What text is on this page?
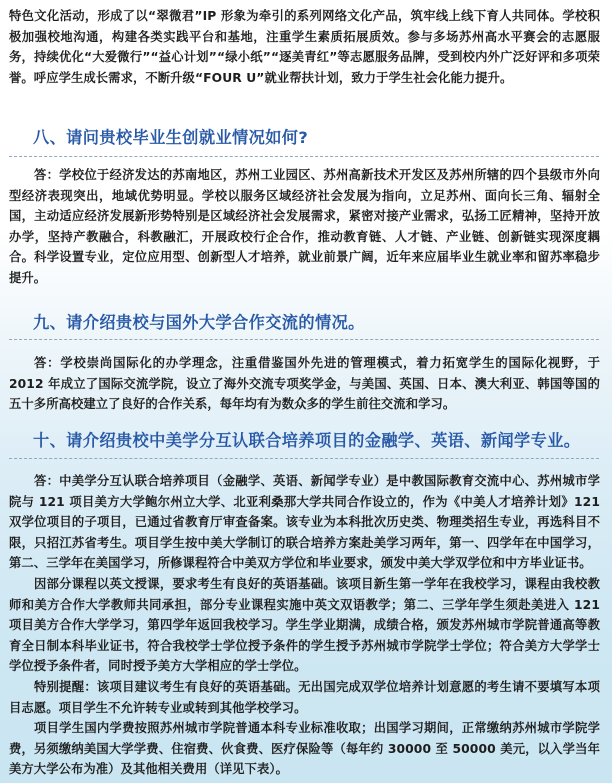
特色文化活动，形成了以“翠微君”IP 形象为牵引的系列网络文化产品，筑牢线上线下育人共同体。学校积极加强校地沟通，构建各类实践平台和基地，注重学生素质拓展质效。参与多场苏州高水平赛会的志愿服务，持续优化“大爱微行”“益心计划”“绿小纸”“逐美青红”等志愿服务品牌，受到校内外广泛好评和多项荣誉。呼应学生成长需求，不断升级“FOUR U”就业帮扶计划，致力于学生社会化能力提升。

八、请问贵校毕业生创就业情况如何?

答：学校位于经济发达的苏南地区，苏州工业园区、苏州高新技术开发区及苏州所辖的四个县级市外向型经济表现突出，地域优势明显。学校以服务区域经济社会发展为指向，立足苏州、面向长三角、辐射全国，主动适应经济发展新形势特别是区域经济社会发展需求，紧密对接产业需求，弘扬工匠精神，坚持开放办学，坚持产教融合，科教融汇，开展政校行企合作，推动教育链、人才链、产业链、创新链实现深度耦合。科学设置专业，定位应用型、创新型人才培养，就业前景广阔，近年来应届毕业生就业率和留苏率稳步提升。

九、请介绍贵校与国外大学合作交流的情况。

答：学校崇尚国际化的办学理念，注重借鉴国外先进的管理模式，着力拓宽学生的国际化视野，于2012 年成立了国际交流学院，设立了海外交流专项奖学金，与美国、英国、日本、澳大利亚、韩国等国的五十多所高校建立了良好的合作关系，每年均有为数众多的学生前往交流和学习。

十、请介绍贵校中美学分互认联合培养项目的金融学、英语、新闻学专业。

答：中美学分互认联合培养项目（金融学、英语、新闻学专业）是中教国际教育交流中心、苏州城市学院与 121 项目美方大学鲍尔州立大学、北亚利桑那大学共同合作设立的，作为《中美人才培养计划》121 双学位项目的子项目，已通过省教育厅审查备案。该专业为本科批次历史类、物理类招生专业，再选科目不限，只招江苏省考生。项目学生按中美大学制订的联合培养方案赴美学习两年，第一、四学年在中国学习，第二、三学年在美国学习，所修课程符合中美双方学位和毕业要求，颁发中美大学双学位和中方毕业证书。

因部分课程以英文授课，要求考生有良好的英语基础。该项目新生第一学年在我校学习，课程由我校教师和美方合作大学教师共同承担，部分专业课程实施中英文双语教学；第二、三学年学生须赴美进入 121 项目美方合作大学学习，第四学年返回我校学习。学生学业期满，成绩合格，颁发苏州城市学院普通高等教育全日制本科毕业证书，符合我校学士学位授予条件的学生授予苏州城市学院学士学位；符合美方大学学士学位授予条件者，同时授予美方大学相应的学士学位。

特别提醒：该项目建议考生有良好的英语基础。无出国完成双学位培养计划意愿的考生请不要填写本项目志愿。项目学生不允许转专业或转到其他学校学习。

项目学生国内学费按照苏州城市学院普通本科专业标准收取；出国学习期间，正常缴纳苏州城市学院学费，另须缴纳美国大学学费、住宿费、伙食费、医疗保险等（每年约 30000 至 50000 美元，以入学当年美方大学公布为准）及其他相关费用（详见下表）。
